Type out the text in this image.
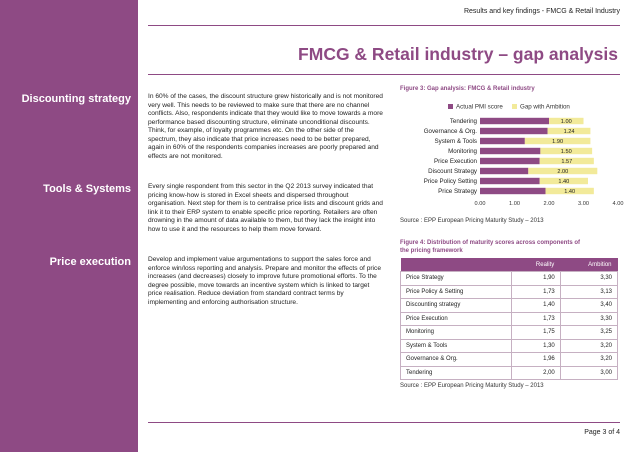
Discounting strategy
Tools & Systems
Price execution
Results and key findings - FMCG & Retail Industry
FMCG & Retail industry – gap analysis

In 60% of the cases, the discount structure grew historically and is not monitored very well. This needs to be reviewed to make sure that there are no channel conflicts. Also, respondents indicate that they would like to move towards a more performance based discounting structure, eliminate unconditional discounts. Think, for example, of loyalty programmes etc. On the other side of the spectrum, they also indicate that price increases need to be better prepared, again in 60% of the respondents companies increases are poorly prepared and effects are not monitored.

Every single respondent from this sector in the Q2 2013 survey indicated that pricing know-how is stored in Excel sheets and dispersed throughout organisation. Next step for them is to centralise price lists and discount grids and link it to their ERP system to enable specific price reporting. Retailers are often drowning in the amount of data available to them, but they lack the insight into how to use it and the resources to help them move forward.

Develop and implement value argumentations to support the sales force and enforce win/loss reporting and analysis. Prepare and monitor the effects of price increases (and decreases) closely to improve future promotional efforts. To the degree possible, move towards an incentive system which is linked to target price realisation. Reduce deviation from standard contract terms by implementing and enforcing authorisation structure.

Figure 3: Gap analysis: FMCG & Retail industry
Actual PMI score	Gap with Ambition
Tendering	1.00
Governance & Org.	1.24
System & Tools	1.90
Monitoring	1.50
Price Execution	1.57
Discount Strategy	2.00
Price Policy Setting	1.40
Price Strategy	1.40
0.00	1.00	2.00	3.00	4.00
Source : EPP European Pricing Maturity Study – 2013
Figure 4: Distribution of maturity scores across components of
the pricing framework
	Reality	Ambition
Price Strategy	1,90	3,30
Price Policy & Setting	1,73	3,13
Discounting strategy	1,40	3,40
Price Execution	1,73	3,30
Monitoring	1,75	3,25
System & Tools	1,30	3,20
Governance & Org.	1,96	3,20
Tendering	2,00	3,00
Source : EPP European Pricing Maturity Study – 2013
Page 3 of 4
